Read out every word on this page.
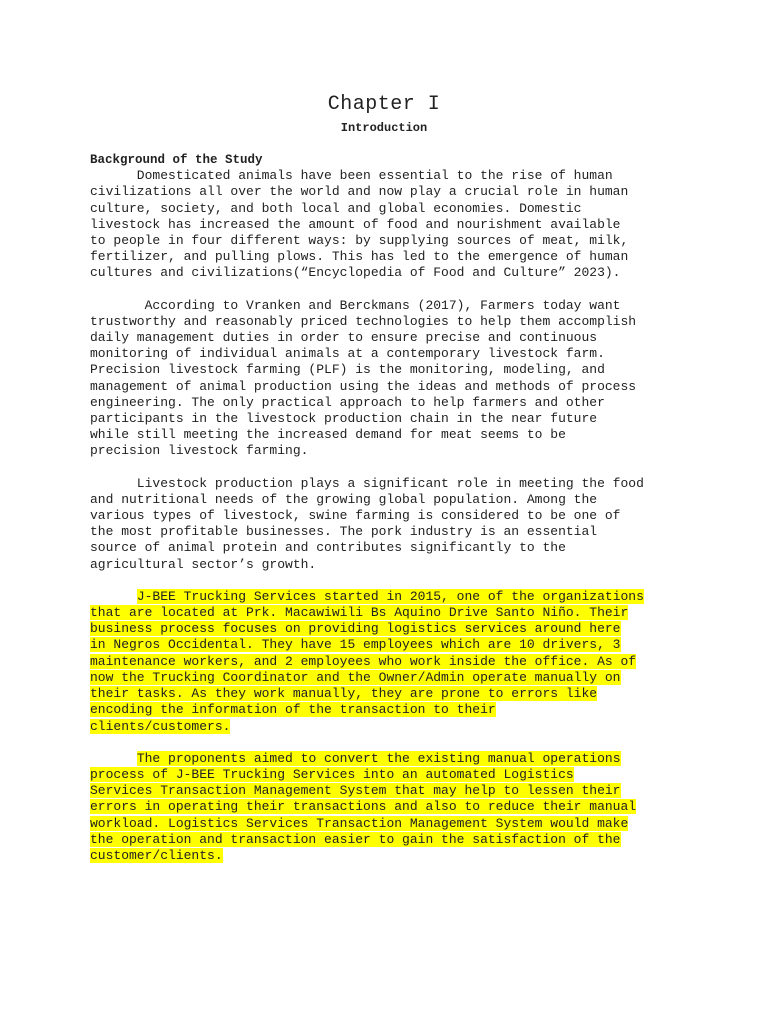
Chapter I
Introduction

Background of the Study

Domesticated animals have been essential to the rise of human
civilizations all over the world and now play a crucial role in human
culture, society, and both local and global economies. Domestic
livestock has increased the amount of food and nourishment available
to people in four different ways: by supplying sources of meat, milk,
fertilizer, and pulling plows. This has led to the emergence of human
cultures and civilizations(“Encyclopedia of Food and Culture” 2023).
According to Vranken and Berckmans (2017), Farmers today want
trustworthy and reasonably priced technologies to help them accomplish
daily management duties in order to ensure precise and continuous
monitoring of individual animals at a contemporary livestock farm.
Precision livestock farming (PLF) is the monitoring, modeling, and
management of animal production using the ideas and methods of process
engineering. The only practical approach to help farmers and other
participants in the livestock production chain in the near future
while still meeting the increased demand for meat seems to be
precision livestock farming.
Livestock production plays a significant role in meeting the food
and nutritional needs of the growing global population. Among the
various types of livestock, swine farming is considered to be one of
the most profitable businesses. The pork industry is an essential
source of animal protein and contributes significantly to the
agricultural sector’s growth.
J-BEE Trucking Services started in 2015, one of the organizations
that are located at Prk. Macawiwili Bs Aquino Drive Santo Niño. Their
business process focuses on providing logistics services around here
in Negros Occidental. They have 15 employees which are 10 drivers, 3
maintenance workers, and 2 employees who work inside the office. As of
now the Trucking Coordinator and the Owner/Admin operate manually on
their tasks. As they work manually, they are prone to errors like
encoding the information of the transaction to their
clients/customers.
The proponents aimed to convert the existing manual operations
process of J-BEE Trucking Services into an automated Logistics
Services Transaction Management System that may help to lessen their
errors in operating their transactions and also to reduce their manual
workload. Logistics Services Transaction Management System would make
the operation and transaction easier to gain the satisfaction of the
customer/clients.
